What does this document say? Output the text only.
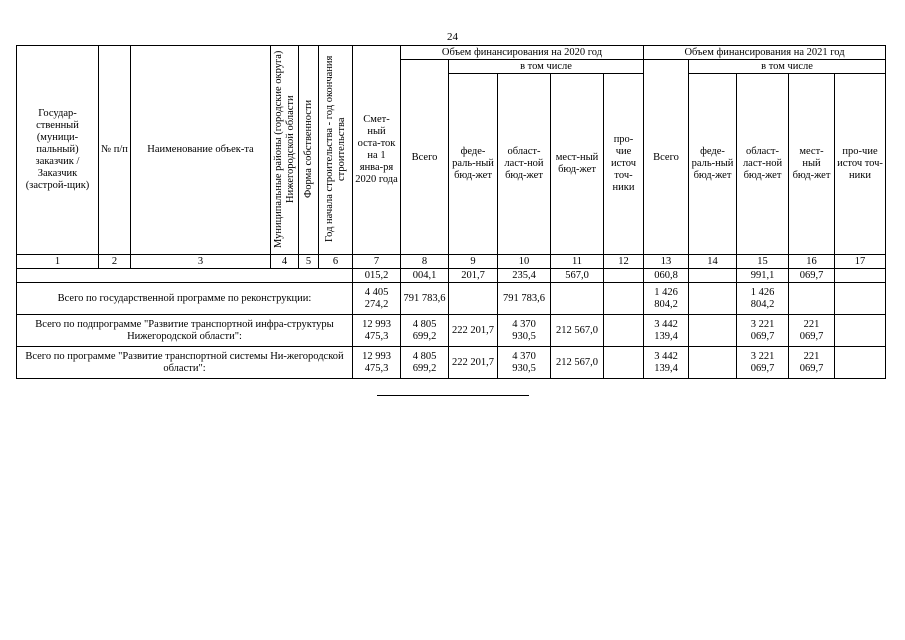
24
Государ-ственный (муници-пальный) заказчик / Заказчик (застрой-щик)	№ п/п	Наименование объек-та	Муниципальные районы (городские округа) Нижегородской области	Форма собственности	Год начала строительства - год окончания строительства	Смет-ный оста-ток на 1 янва-ря 2020 года	Объем финансирования на 2020 год					Объем финансирования на 2021 год				
							Всего	в том числе				Всего	в том числе			
								феде-раль-ный бюд-жет	област-ласт-ной бюд-жет	мест-ный бюд-жет	про-чие источ точ-ники		феде-раль-ный бюд-жет	област-ласт-ной бюд-жет	мест-ный бюд-жет	про-чие источ точ-ники
1	2	3	4	5	6	7	8	9	10	11	12	13	14	15	16	17
						015,2	004,1	201,7	235,4	567,0		060,8		991,1	069,7	
Всего по государственной программе по реконструкции:						4 405 274,2	791 783,6		791 783,6			1 426 804,2		1 426 804,2		
Всего по подпрограмме "Развитие транспортной инфра-структуры Нижегородской области":						12 993 475,3	4 805 699,2	222 201,7	4 370 930,5	212 567,0		3 442 139,4		3 221 069,7	221 069,7	
Всего по программе "Развитие транспортной системы Ни-жегородской области":						12 993 475,3	4 805 699,2	222 201,7	4 370 930,5	212 567,0		3 442 139,4		3 221 069,7	221 069,7	
